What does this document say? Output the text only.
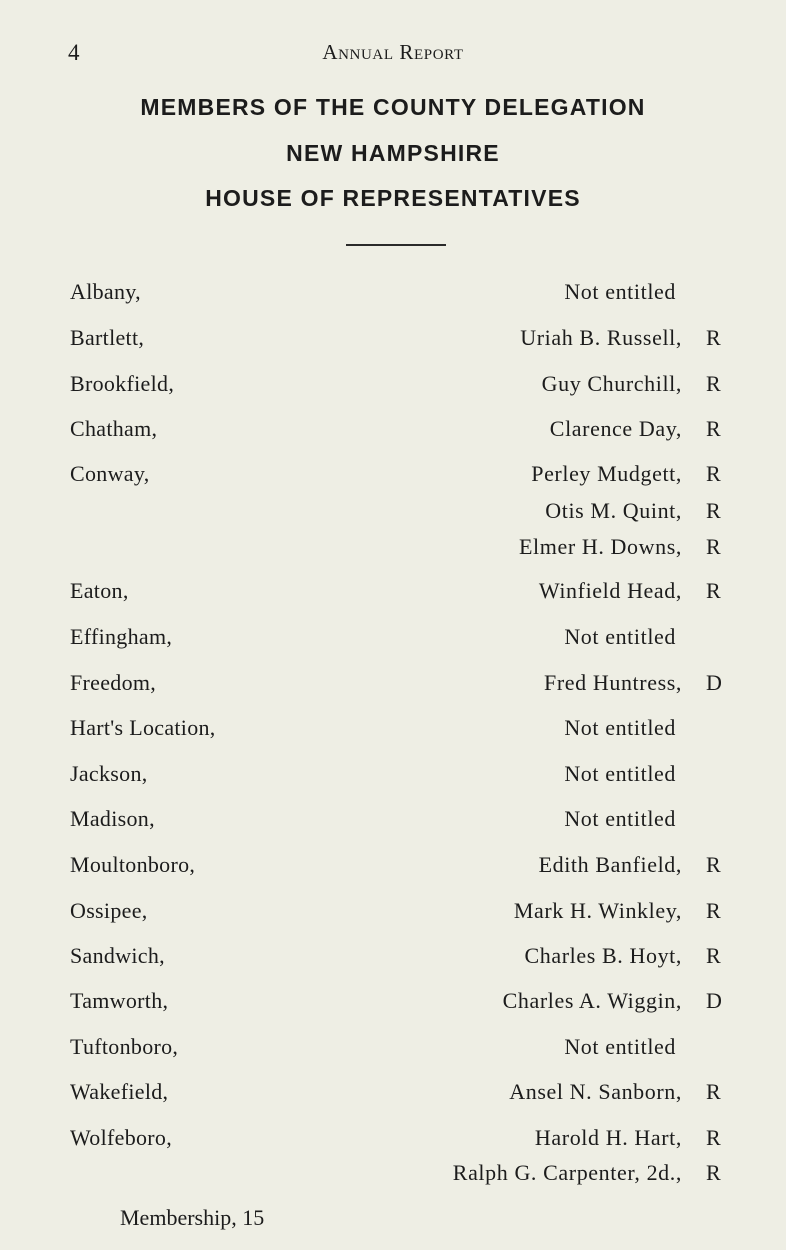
4	Annual Report
MEMBERS OF THE COUNTY DELEGATION
NEW HAMPSHIRE
HOUSE OF REPRESENTATIVES
Albany,	Not entitled
Bartlett,	Uriah B. Russell, R
Brookfield,	Guy Churchill, R
Chatham,	Clarence Day, R
Conway,	Perley Mudgett, R
Otis M. Quint, R
Elmer H. Downs, R
Eaton,	Winfield Head, R
Effingham,	Not entitled
Freedom,	Fred Huntress, D
Hart's Location,	Not entitled
Jackson,	Not entitled
Madison,	Not entitled
Moultonboro,	Edith Banfield, R
Ossipee,	Mark H. Winkley, R
Sandwich,	Charles B. Hoyt, R
Tamworth,	Charles A. Wiggin, D
Tuftonboro,	Not entitled
Wakefield,	Ansel N. Sanborn, R
Wolfeboro,	Harold H. Hart, R
Ralph G. Carpenter, 2d., R
Membership, 15
